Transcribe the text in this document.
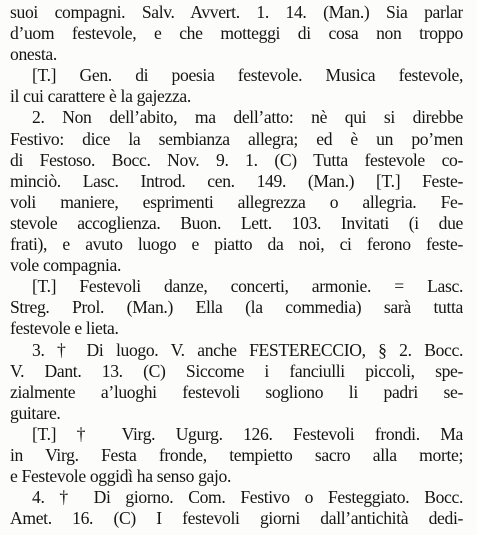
suoi compagni. Salv. Avvert. 1. 14. (Man.) Sia parlar
d’uom festevole, e che motteggi di cosa non troppo
onesta.
[T.] Gen. di poesia festevole. Musica festevole,
il cui carattere è la gajezza.
2. Non dell’abito, ma dell’atto: nè qui si direbbe
Festivo: dice la sembianza allegra; ed è un po’men
di Festoso. Bocc. Nov. 9. 1. (C) Tutta festevole co-
minciò. Lasc. Introd. cen. 149. (Man.) [T.] Feste-
voli maniere, esprimenti allegrezza o allegria. Fe-
stevole accoglienza. Buon. Lett. 103. Invitati (i due
frati), e avuto luogo e piatto da noi, ci ferono feste-
vole compagnia.
[T.] Festevoli danze, concerti, armonie. = Lasc.
Streg. Prol. (Man.) Ella (la commedia) sarà tutta
festevole e lieta.
3. † Di luogo. V. anche FESTERECCIO, § 2. Bocc.
V. Dant. 13. (C) Siccome i fanciulli piccoli, spe-
zialmente a’luoghi festevoli sogliono li padri se-
guitare.
[T.] † Virg. Ugurg. 126. Festevoli frondi. Ma
in Virg. Festa fronde, tempietto sacro alla morte;
e Festevole oggidì ha senso gajo.
4. † Di giorno. Com. Festivo o Festeggiato. Bocc.
Amet. 16. (C) I festevoli giorni dall’antichità dedi-
